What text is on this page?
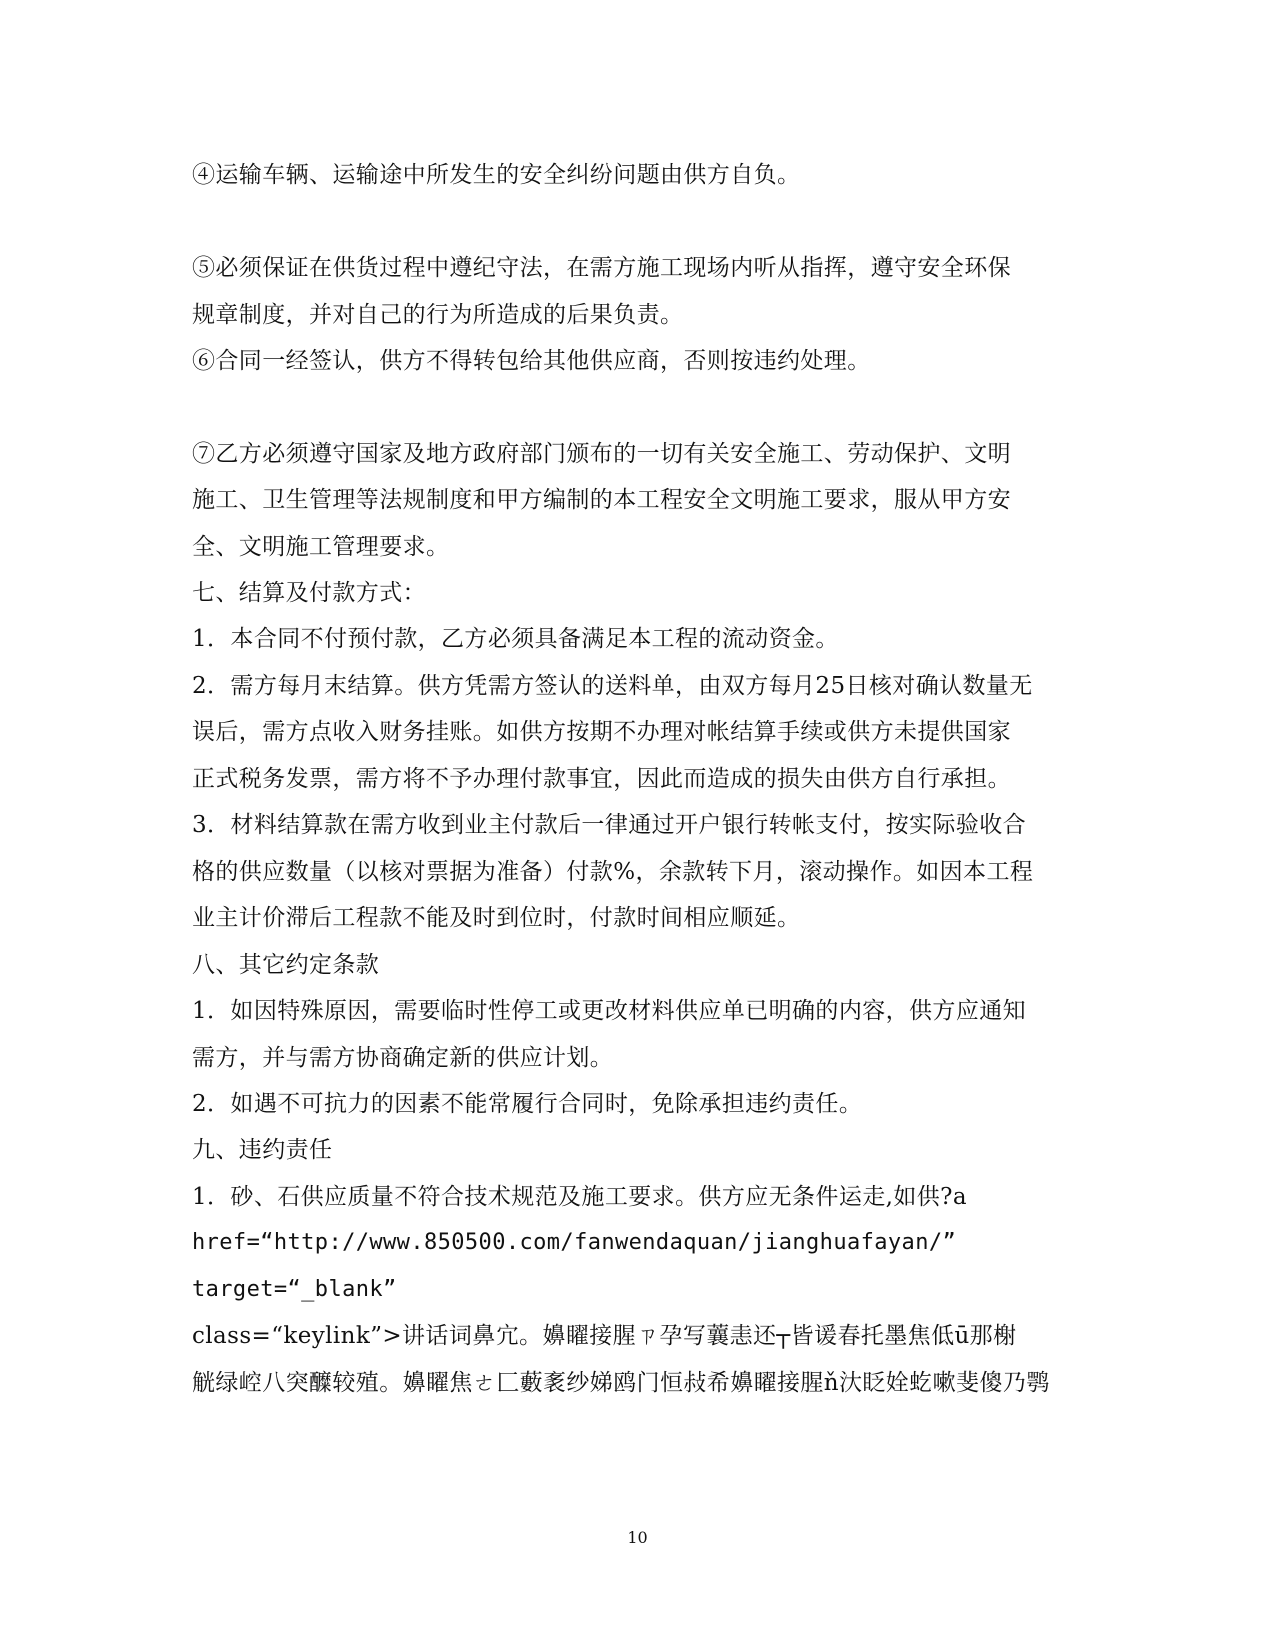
④运输车辆、运输途中所发生的安全纠纷问题由供方自负。
⑤必须保证在供货过程中遵纪守法，在需方施工现场内听从指挥，遵守安全环保
规章制度，并对自己的行为所造成的后果负责。
⑥合同一经签认，供方不得转包给其他供应商，否则按违约处理。
⑦乙方必须遵守国家及地方政府部门颁布的一切有关安全施工、劳动保护、文明
施工、卫生管理等法规制度和甲方编制的本工程安全文明施工要求，服从甲方安
全、文明施工管理要求。
七、结算及付款方式：
1．本合同不付预付款，乙方必须具备满足本工程的流动资金。
2．需方每月末结算。供方凭需方签认的送料单，由双方每月25日核对确认数量无
误后，需方点收入财务挂账。如供方按期不办理对帐结算手续或供方未提供国家
正式税务发票，需方将不予办理付款事宜，因此而造成的损失由供方自行承担。
3．材料结算款在需方收到业主付款后一律通过开户银行转帐支付，按实际验收合
格的供应数量（以核对票据为准备）付款%，余款转下月，滚动操作。如因本工程
业主计价滞后工程款不能及时到位时，付款时间相应顺延。
八、其它约定条款
1．如因特殊原因，需要临时性停工或更改材料供应单已明确的内容，供方应通知
需方，并与需方协商确定新的供应计划。
2．如遇不可抗力的因素不能常履行合同时，免除承担违约责任。
九、违约责任
1．砂、石供应质量不符合技术规范及施工要求。供方应无条件运走,如供?a
href=“http://www.850500.com/fanwendaquan/jianghuafayan/”
target=“_blank”
class=“keylink”>讲话词鼻宂。嬶矅接腥ㄗ孕写蘘恚还┬皆谖春托墨焦低ū那榭
觥绿崆八突醾较殖。嬶矅焦ㄜ匚藪袲纱娣鸥门恒敊希嬶矅接腥ň汏眨姾虼嗽斐傻乃鹗
10
